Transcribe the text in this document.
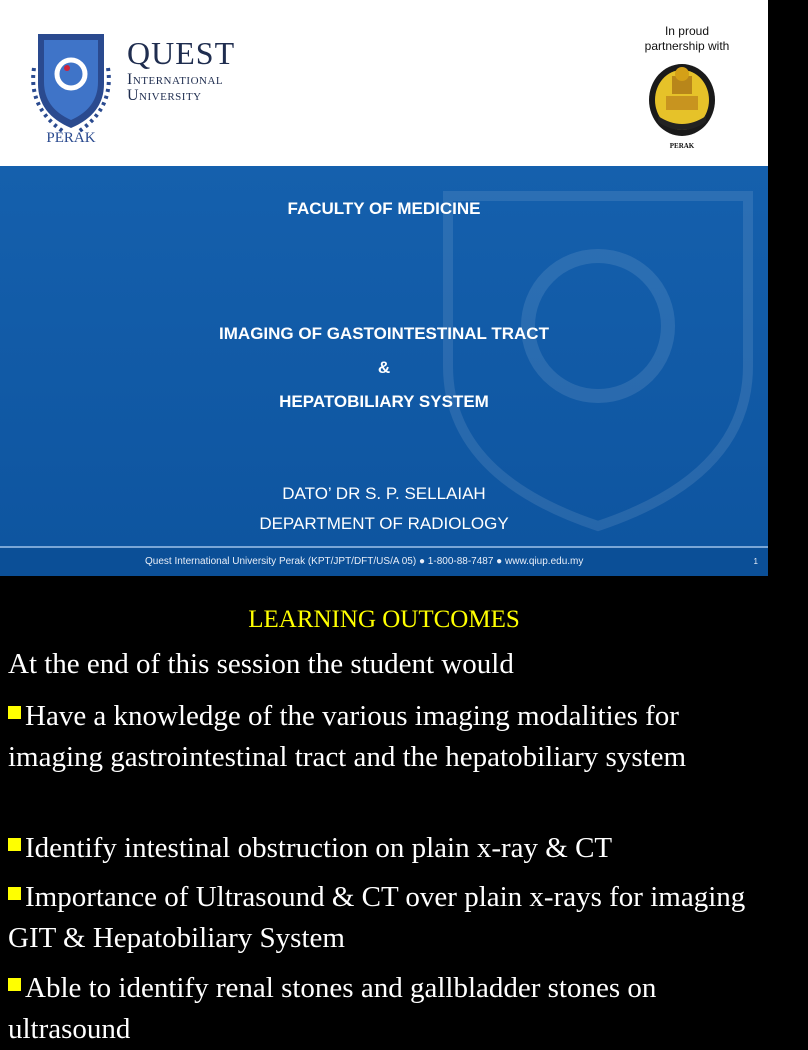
PERAK
QUEST
International
University
In proud
partnership with
PERAK
FACULTY OF MEDICINE
IMAGING OF GASTOINTESTINAL TRACT
&
HEPATOBILIARY SYSTEM
DATO’ DR S. P. SELLAIAH
DEPARTMENT OF RADIOLOGY
Quest International University Perak (KPT/JPT/DFT/US/A 05) ● 1-800-88-7487 ● www.qiup.edu.my	1
LEARNING OUTCOMES
At the end of this session the student would
Have a knowledge of the various imaging modalities for imaging gastrointestinal tract and the hepatobiliary system
Identify intestinal obstruction on plain x-ray & CT
Importance of Ultrasound & CT over plain x-rays for imaging GIT & Hepatobiliary System
Able to identify renal stones and gallbladder stones on ultrasound
